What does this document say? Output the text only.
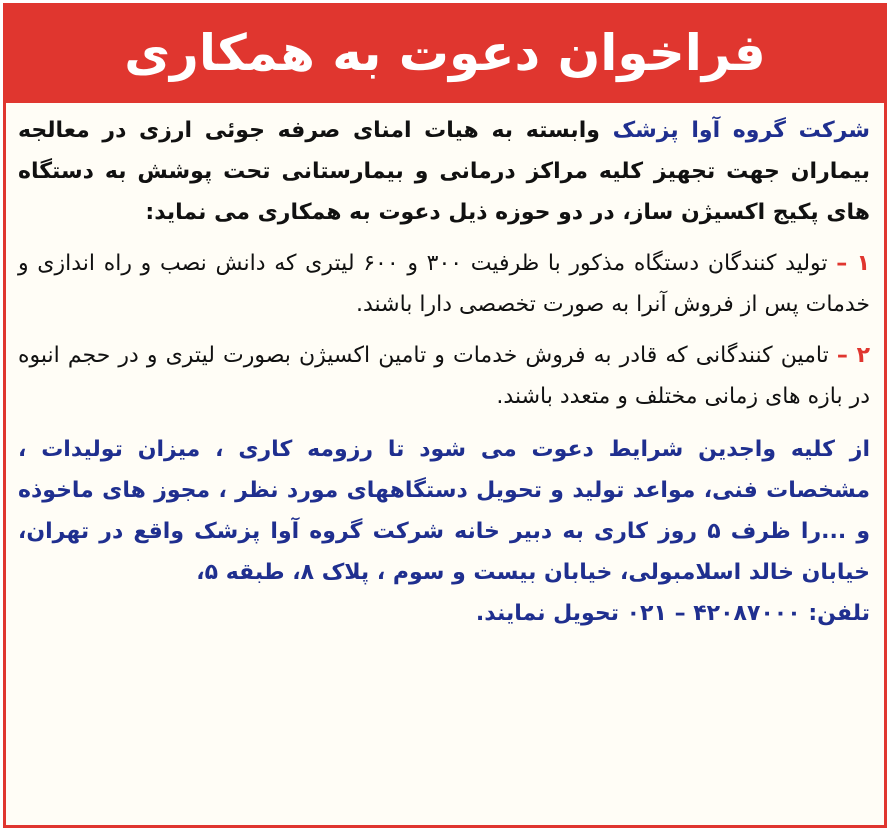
فراخوان دعوت به همکاری

شرکت گروه آوا پزشک وابسته به هیات امنای صرفه جوئی ارزی در معالجه بیماران جهت تجهیز کلیه مراکز درمانی و بیمارستانی تحت پوشش به دستگاه های پکیج اکسیژن ساز، در دو حوزه ذیل دعوت به همکاری می نماید:

۱ – تولید کنندگان دستگاه مذکور با ظرفیت ۳۰۰ و ۶۰۰ لیتری که دانش نصب و راه اندازی و خدمات پس از فروش آنرا به صورت تخصصی دارا باشند.

۲ – تامین کنندگانی که قادر به فروش خدمات و تامین اکسیژن بصورت لیتری و در حجم انبوه در بازه های زمانی مختلف و متعدد باشند.

از کلیه واجدین شرایط دعوت می شود تا رزومه کاری ، میزان تولیدات ، مشخصات فنی، مواعد تولید و تحویل دستگاههای مورد نظر ، مجوز های ماخوذه و ...را ظرف ۵ روز کاری به دبیر خانه شرکت گروه آوا پزشک واقع در تهران، خیابان خالد اسلامبولی، خیابان بیست و سوم ، پلاک ۸، طبقه ۵،
تلفن: ۴۲۰۸۷۰۰۰ – ۰۲۱ تحویل نمایند.
